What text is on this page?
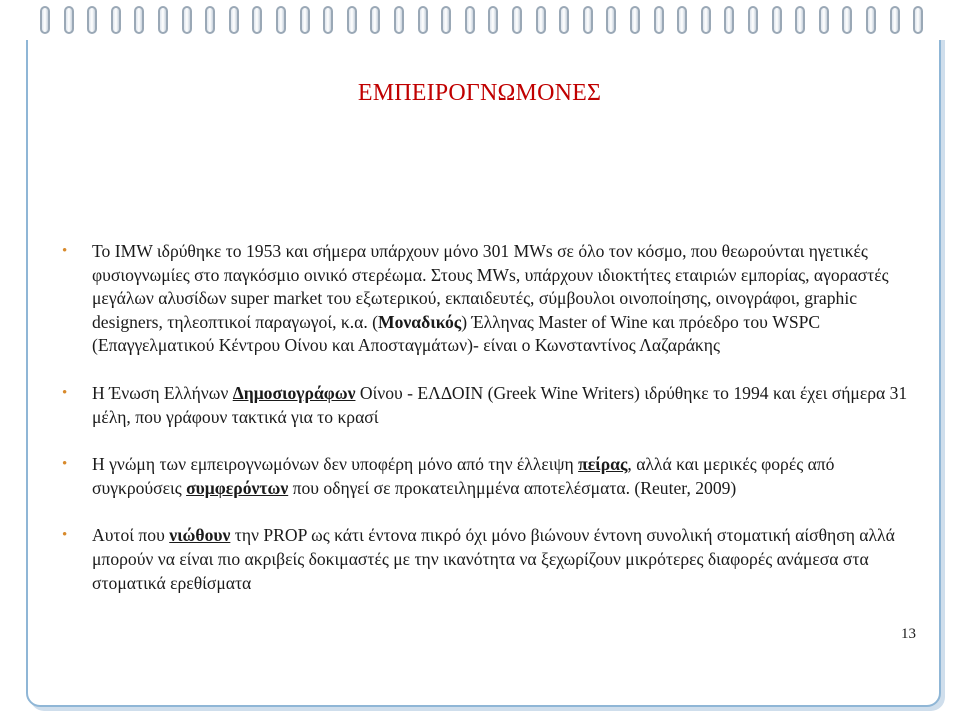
ΕΜΠΕΙΡΟΓΝΩΜΟΝΕΣ
• Το IMW ιδρύθηκε το 1953 και σήμερα υπάρχουν μόνο 301 MWs σε όλο τον κόσμο, που θεωρούνται ηγετικές φυσιογνωμίες στο παγκόσμιο οινικό στερέωμα. Στους MWs, υπάρχουν ιδιοκτήτες εταιριών εμπορίας, αγοραστές μεγάλων αλυσίδων super market του εξωτερικού, εκπαιδευτές, σύμβουλοι οινοποίησης, οινογράφοι, graphic designers, τηλεοπτικοί παραγωγοί, κ.α. (Μοναδικός) Έλληνας Master of Wine και πρόεδρο του WSPC (Επαγγελματικού Κέντρου Οίνου και Αποσταγμάτων)- είναι ο Κωνσταντίνος Λαζαράκης
• Η Ένωση Ελλήνων Δημοσιογράφων Οίνου - ΕΛΔΟΙΝ (Greek Wine Writers) ιδρύθηκε το 1994 και έχει σήμερα 31 μέλη, που γράφουν τακτικά για το κρασί
• Η γνώμη των εμπειρογνωμόνων δεν υποφέρη μόνο από την έλλειψη πείρας, αλλά και μερικές φορές από συγκρούσεις συμφερόντων που οδηγεί σε προκατειλημμένα αποτελέσματα. (Reuter, 2009)
• Αυτοί που νιώθουν την PROP ως κάτι έντονα πικρό όχι μόνο βιώνουν έντονη συνολική στοματική αίσθηση αλλά μπορούν να είναι πιο ακριβείς δοκιμαστές με την ικανότητα να ξεχωρίζουν μικρότερες διαφορές ανάμεσα στα στοματικά ερεθίσματα
13
